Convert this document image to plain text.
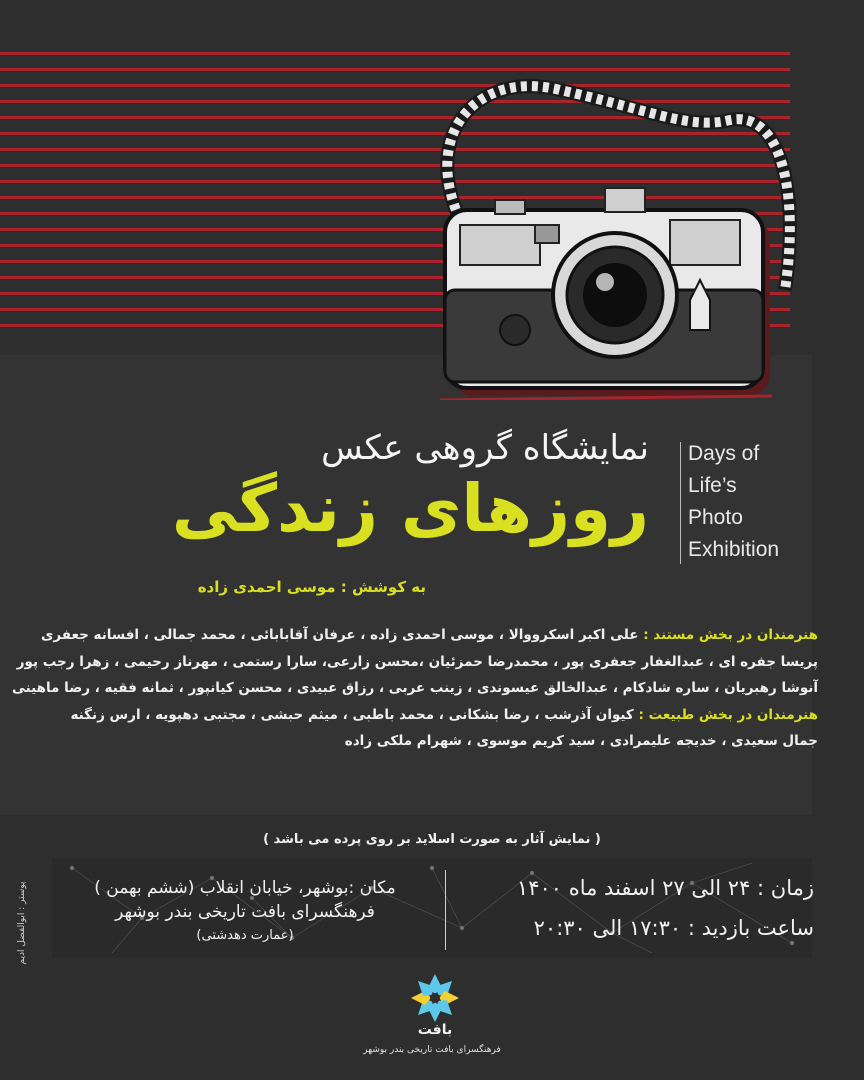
نمایشگاه گروهی عکس
روزهای زندگی
Days of
Life’s
Photo
Exhibition
به کوشش : موسی احمدی زاده
هنرمندان در بخش مستند : علی اکبر اسکرووالا ، موسی احمدی زاده ، عرفان آقابابائی ، محمد جمالی ، افسانه جعفری
پریسا جفره ای ، عبدالغفار جعفری پور ، محمدرضا حمزئیان ،محسن زارعی، سارا رستمی ، مهرناز رحیمی ، زهرا رجب پور
آنوشا رهبریان ، ساره شادکام ، عبدالخالق عیسوندی ، زینب عربی ، رزاق عبیدی ، محسن کیانپور ، ثمانه فقیه ، رضا ماهینی
هنرمندان در بخش طبیعت : کیوان آذرشب ، رضا بشکانی ، محمد باطبی ، میثم حبشی ، مجتبی دهپویه ، ارس زنگنه
جمال سعیدی ، خدیجه علیمرادی ، سید کریم موسوی ، شهرام ملکی زاده
( نمایش آثار به صورت اسلاید بر روی پرده می باشد )
زمان : ۲۴ الی ۲۷ اسفند ماه ۱۴۰۰
ساعت بازدید : ۱۷:۳۰ الی ۲۰:۳۰
مکان :بوشهر، خیابان انقلاب (ششم بهمن )
فرهنگسرای بافت تاریخی بندر بوشهر
(عمارت دهدشتی)
پوستر : ابوالفضل ادیم
بافت
فرهنگسرای بافت تاریخی بندر بوشهر
